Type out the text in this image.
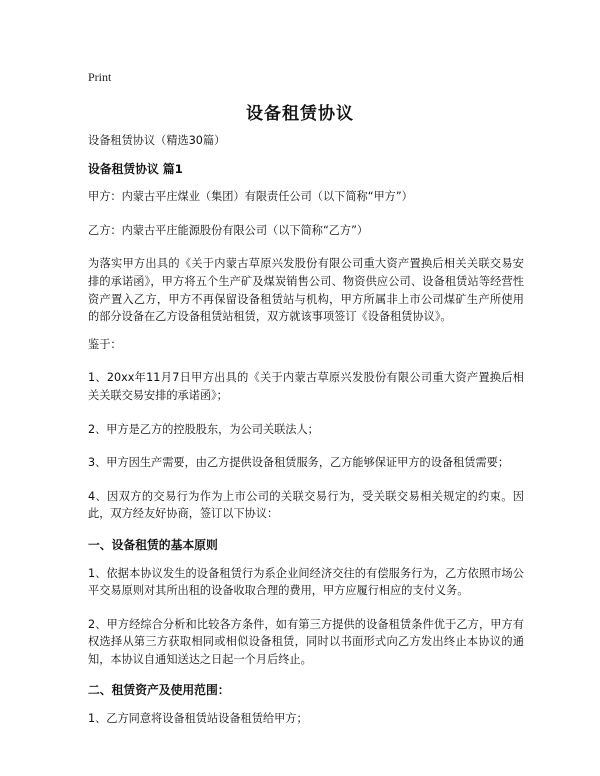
Print
设备租赁协议

设备租赁协议（精选30篇）

设备租赁协议 篇1

甲方：内蒙古平庄煤业（集团）有限责任公司（以下简称“甲方”）

乙方：内蒙古平庄能源股份有限公司（以下简称“乙方”）

为落实甲方出具的《关于内蒙古草原兴发股份有限公司重大资产置换后相关关联交易安排的承诺函》，甲方将五个生产矿及煤炭销售公司、物资供应公司、设备租赁站等经营性资产置入乙方，甲方不再保留设备租赁站与机构，甲方所属非上市公司煤矿生产所使用的部分设备在乙方设备租赁站租赁，双方就该事项签订《设备租赁协议》。

鉴于：

1、20xx年11月7日甲方出具的《关于内蒙古草原兴发股份有限公司重大资产置换后相关关联交易安排的承诺函》；

2、甲方是乙方的控股股东，为公司关联法人；

3、甲方因生产需要，由乙方提供设备租赁服务，乙方能够保证甲方的设备租赁需要；

4、因双方的交易行为作为上市公司的关联交易行为，受关联交易相关规定的约束。因此，双方经友好协商，签订以下协议：

一、设备租赁的基本原则

1、依据本协议发生的设备租赁行为系企业间经济交往的有偿服务行为，乙方依照市场公平交易原则对其所出租的设备收取合理的费用，甲方应履行相应的支付义务。

2、甲方经综合分析和比较各方条件，如有第三方提供的设备租赁条件优于乙方，甲方有权选择从第三方获取相同或相似设备租赁，同时以书面形式向乙方发出终止本协议的通知，本协议自通知送达之日起一个月后终止。

二、租赁资产及使用范围：

1、乙方同意将设备租赁站设备租赁给甲方；
